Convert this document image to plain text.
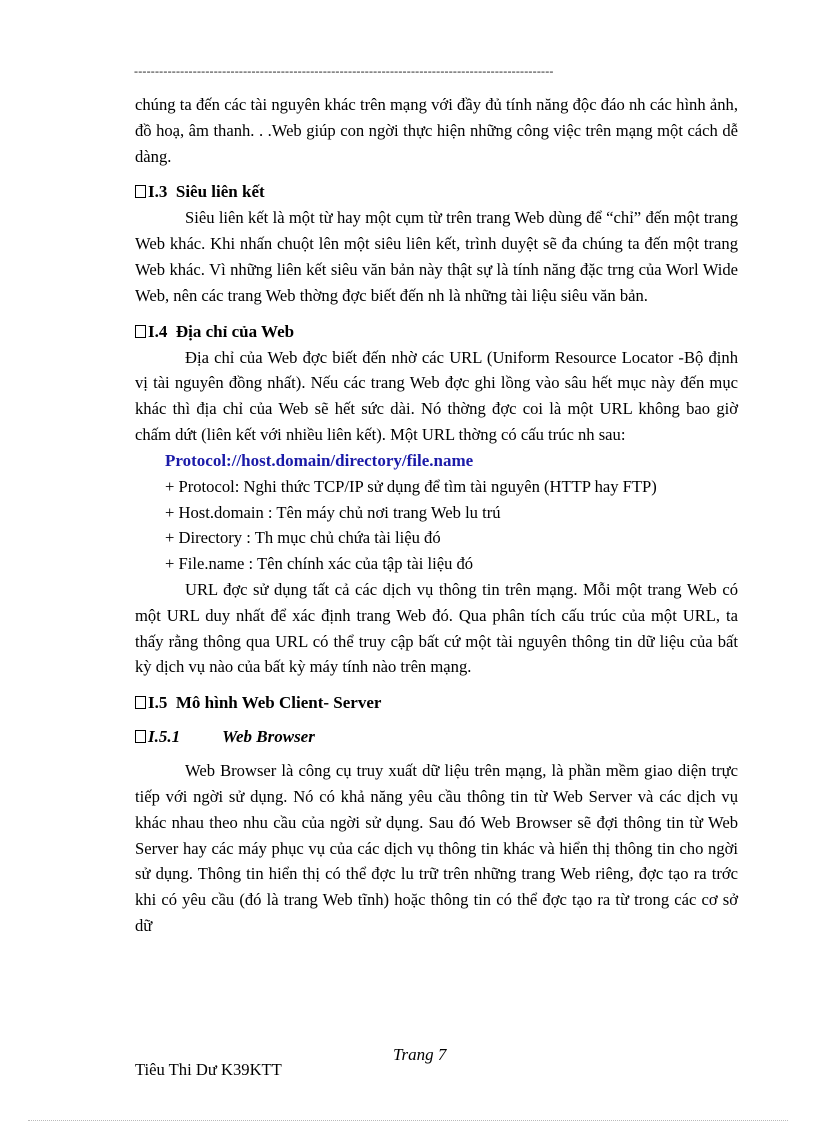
----------------------------------------------------------------------------------------------------

chúng ta đến các tài nguyên khác trên mạng với đầy đủ tính năng độc đáo nh các hình ảnh, đồ hoạ, âm thanh. . .Web giúp con ngời thực hiện những công việc trên mạng một cách dễ dàng.

I.3 Siêu liên kết

Siêu liên kết là một từ hay một cụm từ trên trang Web dùng để “chỉ” đến một trang Web khác. Khi nhấn chuột lên một siêu liên kết, trình duyệt sẽ đa chúng ta đến một trang Web khác. Vì những liên kết siêu văn bản này thật sự là tính năng đặc trng của Worl Wide Web, nên các trang Web thờng đợc biết đến nh là những tài liệu siêu văn bản.

I.4 Địa chỉ của Web

Địa chỉ của Web đợc biết đến nhờ các URL (Uniform Resource Locator -Bộ định vị tài nguyên đồng nhất). Nếu các trang Web đợc ghi lồng vào sâu hết mục này đến mục khác thì địa chỉ của Web sẽ hết sức dài. Nó thờng đợc coi là một URL không bao giờ chấm dứt (liên kết với nhiều liên kết). Một URL thờng có cấu trúc nh sau:

Protocol://host.domain/directory/file.name

+ Protocol: Nghi thức TCP/IP sử dụng để tìm tài nguyên (HTTP hay FTP)

+ Host.domain : Tên máy chủ nơi trang Web lu trú

+ Directory : Th mục chủ chứa tài liệu đó

+ File.name : Tên chính xác của tập tài liệu đó

URL đợc sử dụng tất cả các dịch vụ thông tin trên mạng. Mỗi một trang Web có một URL duy nhất để xác định trang Web đó. Qua phân tích cấu trúc của một URL, ta thấy rằng thông qua URL có thể truy cập bất cứ một tài nguyên thông tin dữ liệu của bất kỳ dịch vụ nào của bất kỳ máy tính nào trên mạng.

I.5 Mô hình Web Client- Server

I.5.1 Web Browser

Web Browser là công cụ truy xuất dữ liệu trên mạng, là phần mềm giao diện trực tiếp với ngời sử dụng. Nó có khả năng yêu cầu thông tin từ Web Server và các dịch vụ khác nhau theo nhu cầu của ngời sử dụng. Sau đó Web Browser sẽ đợi thông tin từ Web Server hay các máy phục vụ của các dịch vụ thông tin khác và hiển thị thông tin cho ngời sử dụng. Thông tin hiển thị có thể đợc lu trữ trên những trang Web riêng, đợc tạo ra trớc khi có yêu cầu (đó là trang Web tĩnh) hoặc thông tin có thể đợc tạo ra từ trong các cơ sở dữ

Trang 7
Tiêu Thi Dư K39KTT
